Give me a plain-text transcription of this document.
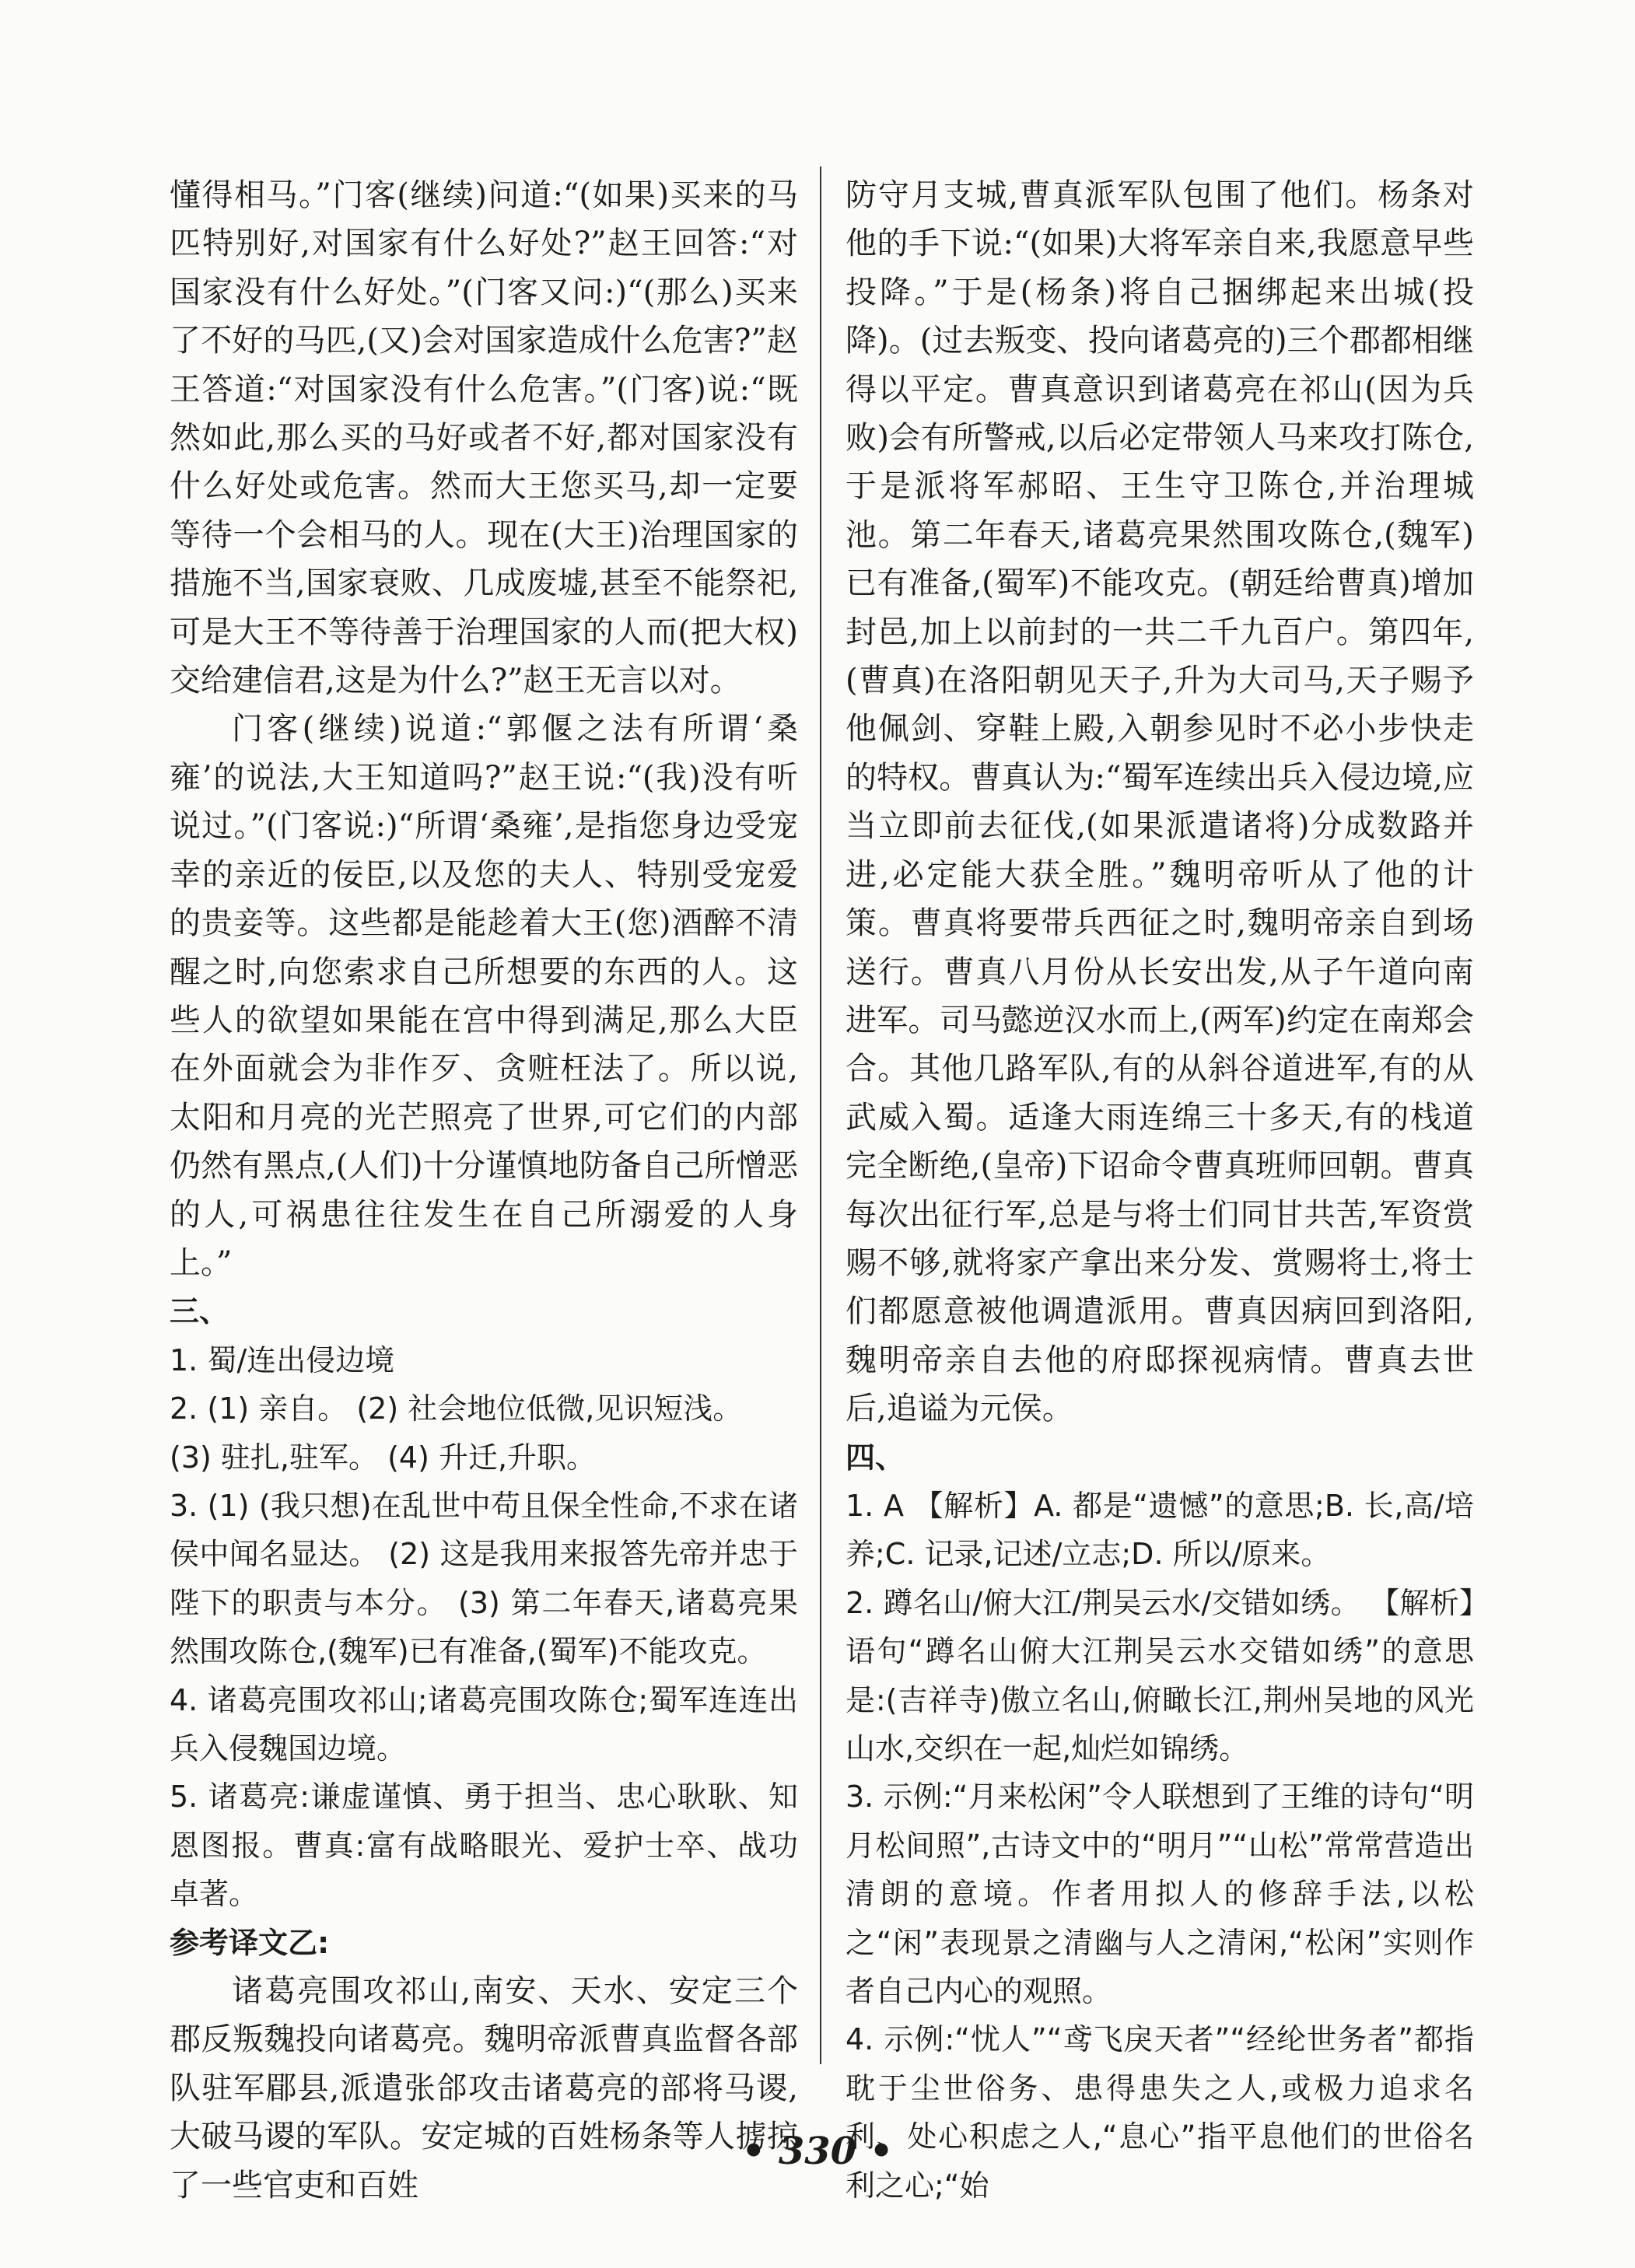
懂得相马。”门客(继续)问道:“(如果)买来的马匹特别好,对国家有什么好处?”赵王回答:“对国家没有什么好处。”(门客又问:)“(那么)买来了不好的马匹,(又)会对国家造成什么危害?”赵王答道:“对国家没有什么危害。”(门客)说:“既然如此,那么买的马好或者不好,都对国家没有什么好处或危害。然而大王您买马,却一定要等待一个会相马的人。现在(大王)治理国家的措施不当,国家衰败、几成废墟,甚至不能祭祀,可是大王不等待善于治理国家的人而(把大权)交给建信君,这是为什么?”赵王无言以对。

门客(继续)说道:“郭偃之法有所谓‘桑雍’的说法,大王知道吗?”赵王说:“(我)没有听说过。”(门客说:)“所谓‘桑雍’,是指您身边受宠幸的亲近的佞臣,以及您的夫人、特别受宠爱的贵妾等。这些都是能趁着大王(您)酒醉不清醒之时,向您索求自己所想要的东西的人。这些人的欲望如果能在宫中得到满足,那么大臣在外面就会为非作歹、贪赃枉法了。所以说,太阳和月亮的光芒照亮了世界,可它们的内部仍然有黑点,(人们)十分谨慎地防备自己所憎恶的人,可祸患往往发生在自己所溺爱的人身上。”

三、

1. 蜀/连出侵边境

2. (1) 亲自。 (2) 社会地位低微,见识短浅。

(3) 驻扎,驻军。 (4) 升迁,升职。

3. (1) (我只想)在乱世中苟且保全性命,不求在诸侯中闻名显达。 (2) 这是我用来报答先帝并忠于陛下的职责与本分。 (3) 第二年春天,诸葛亮果然围攻陈仓,(魏军)已有准备,(蜀军)不能攻克。

4. 诸葛亮围攻祁山;诸葛亮围攻陈仓;蜀军连连出兵入侵魏国边境。

5. 诸葛亮:谦虚谨慎、勇于担当、忠心耿耿、知恩图报。曹真:富有战略眼光、爱护士卒、战功卓著。

参考译文乙:

诸葛亮围攻祁山,南安、天水、安定三个郡反叛魏投向诸葛亮。魏明帝派曹真监督各部队驻军郿县,派遣张郃攻击诸葛亮的部将马谡,大破马谡的军队。安定城的百姓杨条等人掳掠了一些官吏和百姓

防守月支城,曹真派军队包围了他们。杨条对他的手下说:“(如果)大将军亲自来,我愿意早些投降。”于是(杨条)将自己捆绑起来出城(投降)。(过去叛变、投向诸葛亮的)三个郡都相继得以平定。曹真意识到诸葛亮在祁山(因为兵败)会有所警戒,以后必定带领人马来攻打陈仓,于是派将军郝昭、王生守卫陈仓,并治理城池。第二年春天,诸葛亮果然围攻陈仓,(魏军)已有准备,(蜀军)不能攻克。(朝廷给曹真)增加封邑,加上以前封的一共二千九百户。第四年,(曹真)在洛阳朝见天子,升为大司马,天子赐予他佩剑、穿鞋上殿,入朝参见时不必小步快走的特权。曹真认为:“蜀军连续出兵入侵边境,应当立即前去征伐,(如果派遣诸将)分成数路并进,必定能大获全胜。”魏明帝听从了他的计策。曹真将要带兵西征之时,魏明帝亲自到场送行。曹真八月份从长安出发,从子午道向南进军。司马懿逆汉水而上,(两军)约定在南郑会合。其他几路军队,有的从斜谷道进军,有的从武威入蜀。适逢大雨连绵三十多天,有的栈道完全断绝,(皇帝)下诏命令曹真班师回朝。曹真每次出征行军,总是与将士们同甘共苦,军资赏赐不够,就将家产拿出来分发、赏赐将士,将士们都愿意被他调遣派用。曹真因病回到洛阳,魏明帝亲自去他的府邸探视病情。曹真去世后,追谥为元侯。

四、

1. A 【解析】A. 都是“遗憾”的意思;B. 长,高/培养;C. 记录,记述/立志;D. 所以/原来。

2. 蹲名山/俯大江/荆吴云水/交错如绣。 【解析】语句“蹲名山俯大江荆吴云水交错如绣”的意思是:(吉祥寺)傲立名山,俯瞰长江,荆州吴地的风光山水,交织在一起,灿烂如锦绣。

3. 示例:“月来松闲”令人联想到了王维的诗句“明月松间照”,古诗文中的“明月”“山松”常常营造出清朗的意境。作者用拟人的修辞手法,以松之“闲”表现景之清幽与人之清闲,“松闲”实则作者自己内心的观照。

4. 示例:“忧人”“鸢飞戾天者”“经纶世务者”都指耽于尘世俗务、患得患失之人,或极力追求名利、处心积虑之人,“息心”指平息他们的世俗名利之心;“始

• 330 •
